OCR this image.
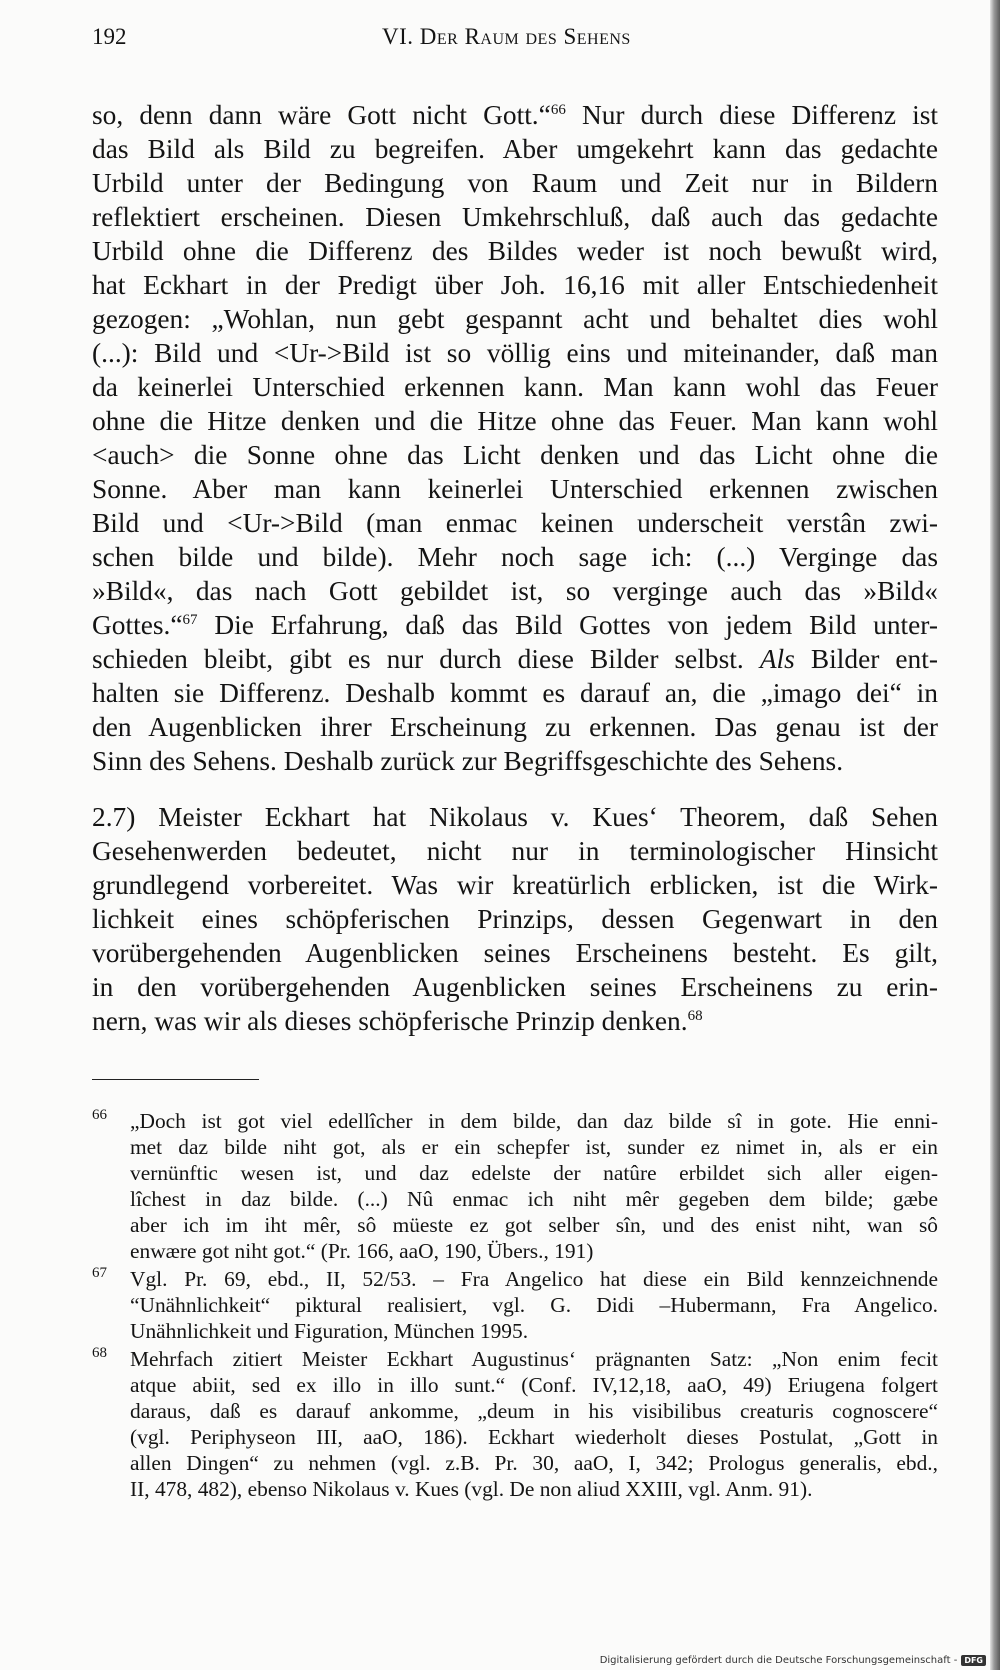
192	VI. Der Raum des Sehens
so, denn dann wäre Gott nicht Gott.“$^{66}$ Nur durch diese Differenz ist
das Bild als Bild zu begreifen. Aber umgekehrt kann das gedachte
Urbild unter der Bedingung von Raum und Zeit nur in Bildern
reflektiert erscheinen. Diesen Umkehrschluß, daß auch das gedachte
Urbild ohne die Differenz des Bildes weder ist noch bewußt wird,
hat Eckhart in der Predigt über Joh. 16,16 mit aller Entschiedenheit
gezogen: „Wohlan, nun gebt gespannt acht und behaltet dies wohl
(...): Bild und <Ur->Bild ist so völlig eins und miteinander, daß man
da keinerlei Unterschied erkennen kann. Man kann wohl das Feuer
ohne die Hitze denken und die Hitze ohne das Feuer. Man kann wohl
<auch> die Sonne ohne das Licht denken und das Licht ohne die
Sonne. Aber man kann keinerlei Unterschied erkennen zwischen
Bild und <Ur->Bild (man enmac keinen underscheit verstân zwi-
schen bilde und bilde). Mehr noch sage ich: (...) Verginge das
»Bild«, das nach Gott gebildet ist, so verginge auch das »Bild«
Gottes.“$^{67}$ Die Erfahrung, daß das Bild Gottes von jedem Bild unter-
schieden bleibt, gibt es nur durch diese Bilder selbst. Als Bilder ent-
halten sie Differenz. Deshalb kommt es darauf an, die „imago dei“ in
den Augenblicken ihrer Erscheinung zu erkennen. Das genau ist der
Sinn des Sehens. Deshalb zurück zur Begriffsgeschichte des Sehens.
2.7) Meister Eckhart hat Nikolaus v. Kues‘ Theorem, daß Sehen
Gesehenwerden bedeutet, nicht nur in terminologischer Hinsicht
grundlegend vorbereitet. Was wir kreatürlich erblicken, ist die Wirk-
lichkeit eines schöpferischen Prinzips, dessen Gegenwart in den
vorübergehenden Augenblicken seines Erscheinens besteht. Es gilt,
in den vorübergehenden Augenblicken seines Erscheinens zu erin-
nern, was wir als dieses schöpferische Prinzip denken.$^{68}$
66 „Doch ist got viel edellîcher in dem bilde, dan daz bilde sî in gote. Hie enni-
met daz bilde niht got, als er ein schepfer ist, sunder ez nimet in, als er ein
vernünftic wesen ist, und daz edelste der natûre erbildet sich aller eigen-
lîchest in daz bilde. (...) Nû enmac ich niht mêr gegeben dem bilde; gæbe
aber ich im iht mêr, sô müeste ez got selber sîn, und des enist niht, wan sô
enwære got niht got.“ (Pr. 166, aaO, 190, Übers., 191)
67 Vgl. Pr. 69, ebd., II, 52/53. – Fra Angelico hat diese ein Bild kennzeichnende
“Unähnlichkeit“ piktural realisiert, vgl. G. Didi –Hubermann, Fra Angelico.
Unähnlichkeit und Figuration, München 1995.
68 Mehrfach zitiert Meister Eckhart Augustinus‘ prägnanten Satz: „Non enim fecit
atque abiit, sed ex illo in illo sunt.“ (Conf. IV,12,18, aaO, 49) Eriugena folgert
daraus, daß es darauf ankomme, „deum in his visibilibus creaturis cognoscere“
(vgl. Periphyseon III, aaO, 186). Eckhart wiederholt dieses Postulat, „Gott in
allen Dingen“ zu nehmen (vgl. z.B. Pr. 30, aaO, I, 342; Prologus generalis, ebd.,
II, 478, 482), ebenso Nikolaus v. Kues (vgl. De non aliud XXIII, vgl. Anm. 91).
Digitalisierung gefördert durch die Deutsche Forschungsgemeinschaft - DFG
